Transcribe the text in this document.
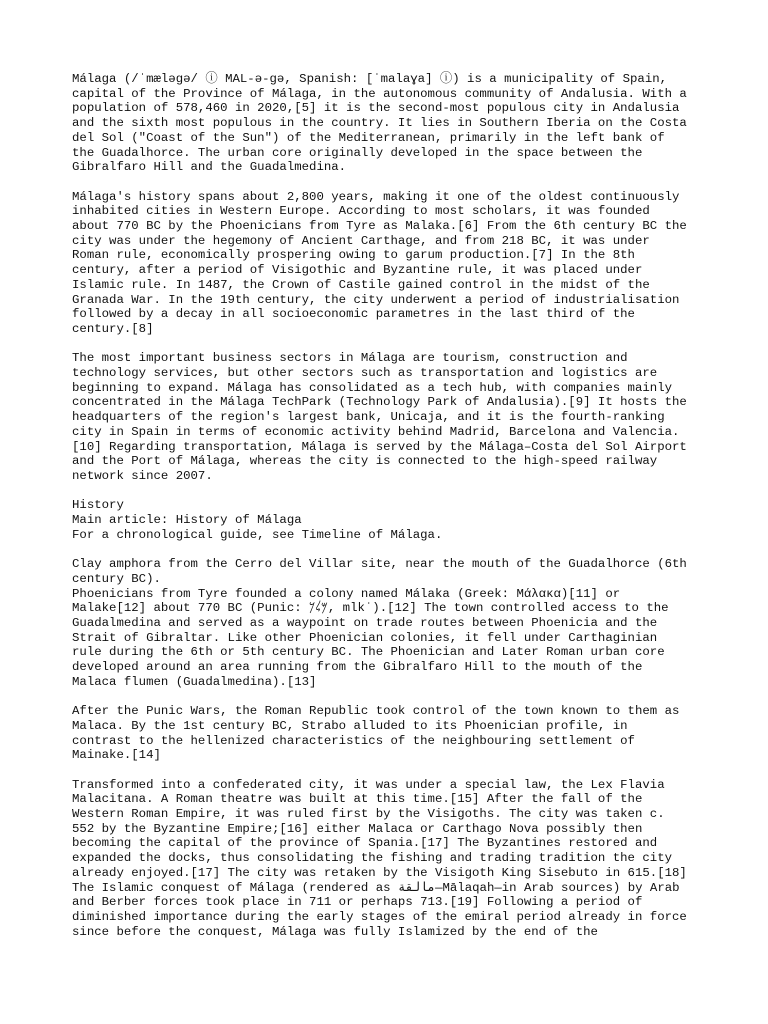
Málaga (/ˈmæləɡə/ ⓘ MAL-ə-gə, Spanish: [ˈmalaɣa] ⓘ) is a municipality of Spain,
capital of the Province of Málaga, in the autonomous community of Andalusia. With a
population of 578,460 in 2020,[5] it is the second-most populous city in Andalusia
and the sixth most populous in the country. It lies in Southern Iberia on the Costa
del Sol ("Coast of the Sun") of the Mediterranean, primarily in the left bank of
the Guadalhorce. The urban core originally developed in the space between the
Gibralfaro Hill and the Guadalmedina.
Málaga's history spans about 2,800 years, making it one of the oldest continuously
inhabited cities in Western Europe. According to most scholars, it was founded
about 770 BC by the Phoenicians from Tyre as Malaka.[6] From the 6th century BC the
city was under the hegemony of Ancient Carthage, and from 218 BC, it was under
Roman rule, economically prospering owing to garum production.[7] In the 8th
century, after a period of Visigothic and Byzantine rule, it was placed under
Islamic rule. In 1487, the Crown of Castile gained control in the midst of the
Granada War. In the 19th century, the city underwent a period of industrialisation
followed by a decay in all socioeconomic parametres in the last third of the
century.[8]
The most important business sectors in Málaga are tourism, construction and
technology services, but other sectors such as transportation and logistics are
beginning to expand. Málaga has consolidated as a tech hub, with companies mainly
concentrated in the Málaga TechPark (Technology Park of Andalusia).[9] It hosts the
headquarters of the region's largest bank, Unicaja, and it is the fourth-ranking
city in Spain in terms of economic activity behind Madrid, Barcelona and Valencia.
[10] Regarding transportation, Málaga is served by the Málaga–Costa del Sol Airport
and the Port of Málaga, whereas the city is connected to the high-speed railway
network since 2007.
History
Main article: History of Málaga
For a chronological guide, see Timeline of Málaga.
Clay amphora from the Cerro del Villar site, near the mouth of the Guadalhorce (6th
century BC).
Phoenicians from Tyre founded a colony named Málaka (Greek: Μάλακα)[11] or
Malake[12] about 770 BC (Punic: 𐤌𐤋𐤊, mlkʾ).[12] The town controlled access to the
Guadalmedina and served as a waypoint on trade routes between Phoenicia and the
Strait of Gibraltar. Like other Phoenician colonies, it fell under Carthaginian
rule during the 6th or 5th century BC. The Phoenician and Later Roman urban core
developed around an area running from the Gibralfaro Hill to the mouth of the
Malaca flumen (Guadalmedina).[13]
After the Punic Wars, the Roman Republic took control of the town known to them as
Malaca. By the 1st century BC, Strabo alluded to its Phoenician profile, in
contrast to the hellenized characteristics of the neighbouring settlement of
Mainake.[14]
Transformed into a confederated city, it was under a special law, the Lex Flavia
Malacitana. A Roman theatre was built at this time.[15] After the fall of the
Western Roman Empire, it was ruled first by the Visigoths. The city was taken c.
552 by the Byzantine Empire;[16] either Malaca or Carthago Nova possibly then
becoming the capital of the province of Spania.[17] The Byzantines restored and
expanded the docks, thus consolidating the fishing and trading tradition the city
already enjoyed.[17] The city was retaken by the Visigoth King Sisebuto in 615.[18]
The Islamic conquest of Málaga (rendered as مالقة—Mālaqah—in Arab sources) by Arab
and Berber forces took place in 711 or perhaps 713.[19] Following a period of
diminished importance during the early stages of the emiral period already in force
since before the conquest, Málaga was fully Islamized by the end of the
